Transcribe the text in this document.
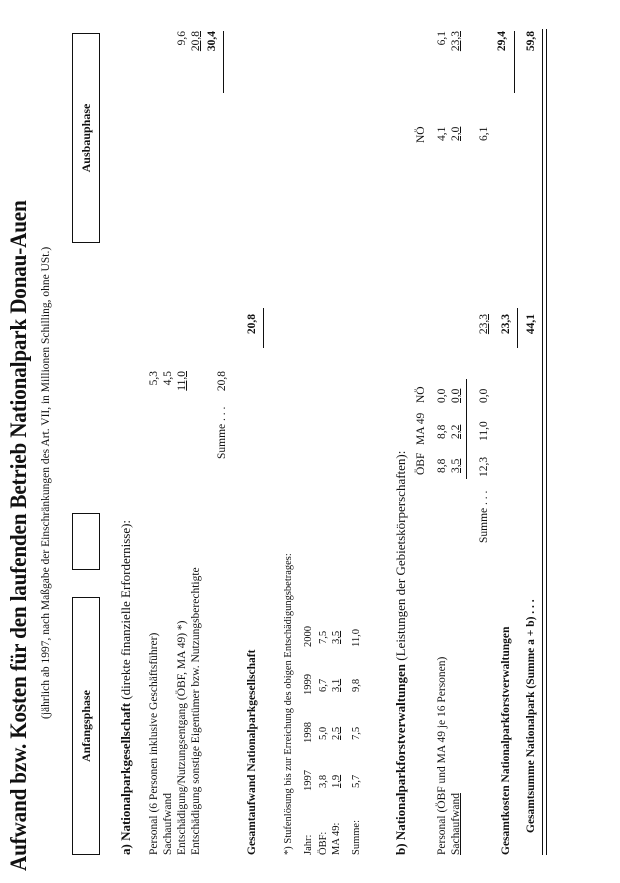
Aufwand bzw. Kosten für den laufenden Betrieb Nationalpark Donau-Auen (jährlich ab 1997, nach Maßgabe der Einschränkungen des Art. VII, in Millionen Schilling, ohne USt.)
Anfangsphase
Ausbauphase
a) Nationalparkgesellschaft (direkte finanzielle Erfordernisse):
Personal (6 Personen inklusive Geschäftsführer) Sachaufwand Entschädigung/Nutzungsentgang (ÖBF, MA 49) *) Entschädigung sonstige Eigentümer bzw. Nutzungsberechtigte
5,3 4,5 11,0
9,6 20,8 30,4
Summe . . .
20,8
Gesamtaufwand Nationalparkgesellschaft
20,8
*) Stufenlösung bis zur Erreichung des obigen Entschädigungsbetrages: Jahr:
1997
1998
1999
2000
ÖBF:
3,8
5,0
6,7
7,5
MA 49:
1,9
2,5
3,1
3,5
Summe:
5,7
7,5
9,8
11,0
b) Nationalparkforstverwaltungen (Leistungen der Gebietskörperschaften): ÖBF
MA 49
NÖ
NÖ
Personal (ÖBF und MA 49 je 16 Personen) Sachaufwand
8,8
8,8
0,0
4,1
6,1
3,5
2,2
0,0
2,0
23,3
Summe . . .
12,3
11,0
0,0
6,1
23,3
29,4
Gesamtkosten Nationalparkforstverwaltungen
23,3
Gesamtsumme Nationalpark (Summe a + b) . . .
44,1
59,8
